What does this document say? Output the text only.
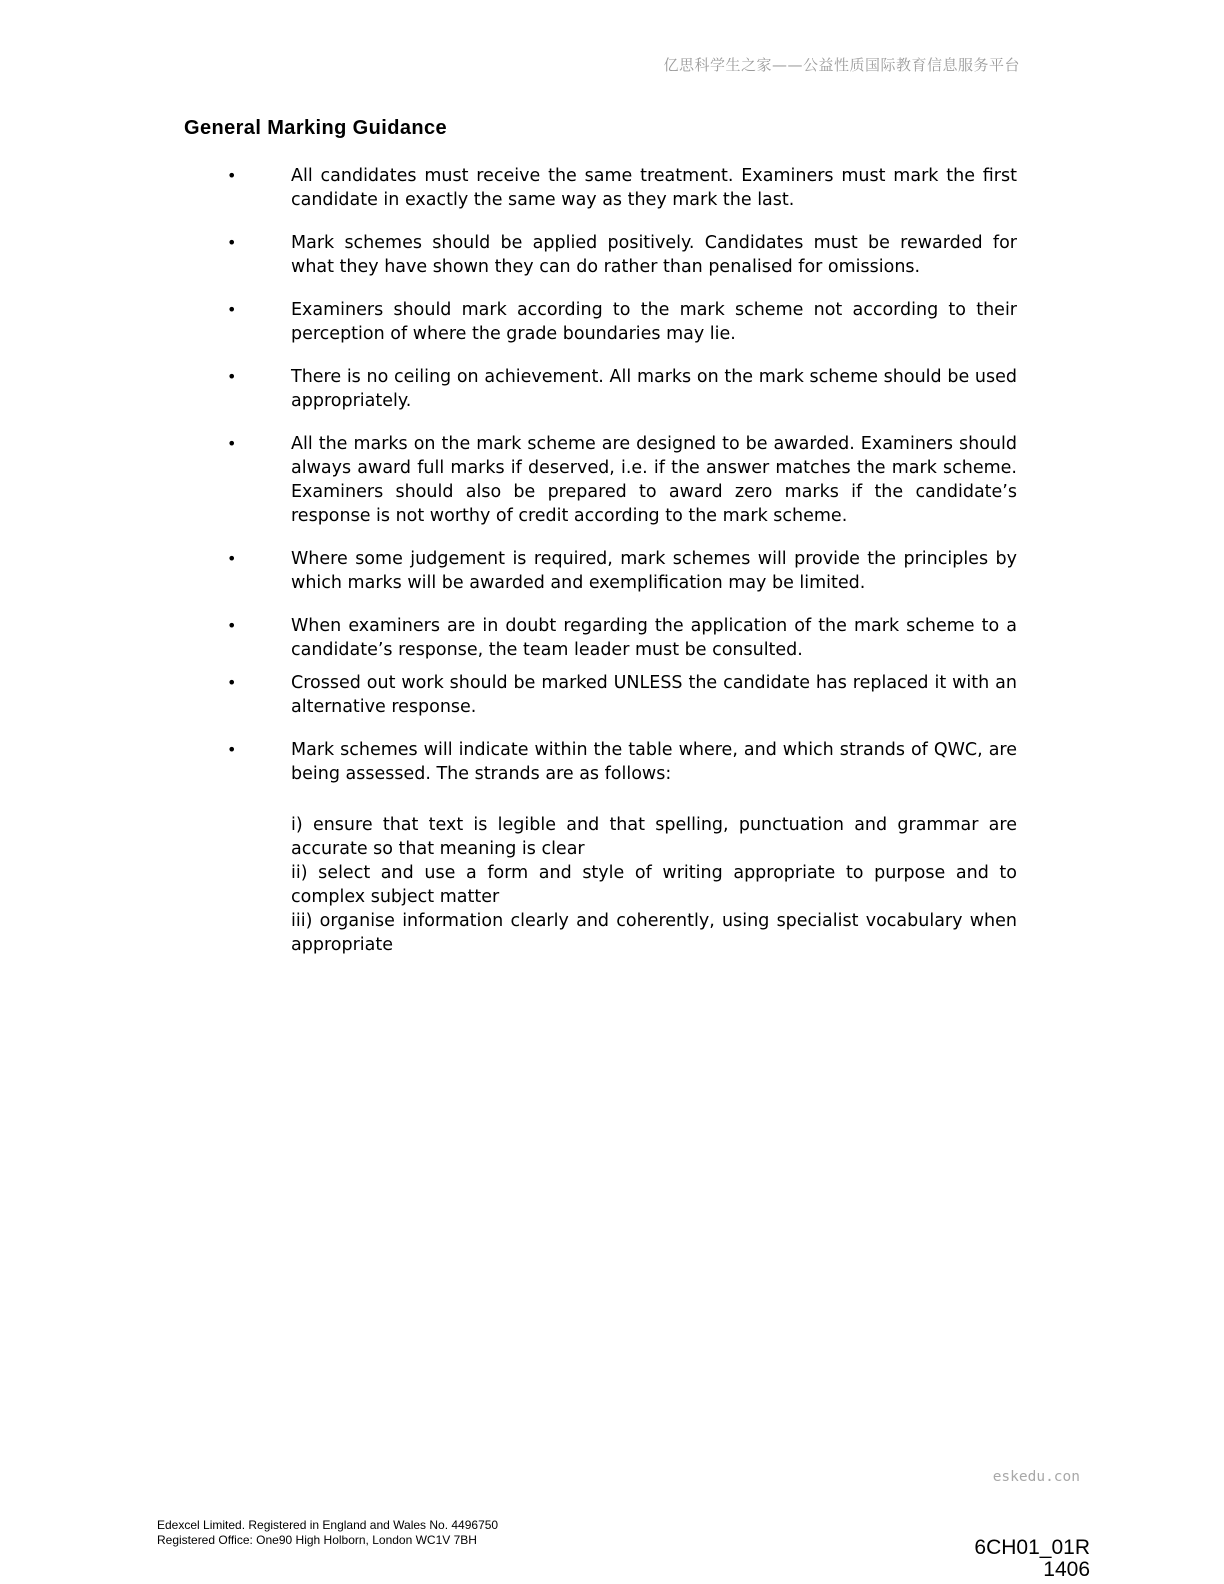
亿思科学生之家——公益性质国际教育信息服务平台
General Marking Guidance
•	All candidates must receive the same treatment. Examiners must mark the first candidate in exactly the same way as they mark the last.
•	Mark schemes should be applied positively. Candidates must be rewarded for what they have shown they can do rather than penalised for omissions.
•	Examiners should mark according to the mark scheme not according to their perception of where the grade boundaries may lie.
•	There is no ceiling on achievement. All marks on the mark scheme should be used appropriately.
•	All the marks on the mark scheme are designed to be awarded. Examiners should always award full marks if deserved, i.e. if the answer matches the mark scheme. Examiners should also be prepared to award zero marks if the candidate’s response is not worthy of credit according to the mark scheme.
•	Where some judgement is required, mark schemes will provide the principles by which marks will be awarded and exemplification may be limited.
•	When examiners are in doubt regarding the application of the mark scheme to a candidate’s response, the team leader must be consulted.
•	Crossed out work should be marked UNLESS the candidate has replaced it with an alternative response.
•	Mark schemes will indicate within the table where, and which strands of QWC, are being assessed. The strands are as follows:

i) ensure that text is legible and that spelling, punctuation and grammar are accurate so that meaning is clear

ii) select and use a form and style of writing appropriate to purpose and to complex subject matter

iii) organise information clearly and coherently, using specialist vocabulary when appropriate

eskedu.con
Edexcel Limited. Registered in England and Wales No. 4496750
Registered Office: One90 High Holborn, London WC1V 7BH	6CH01_01R
1406
